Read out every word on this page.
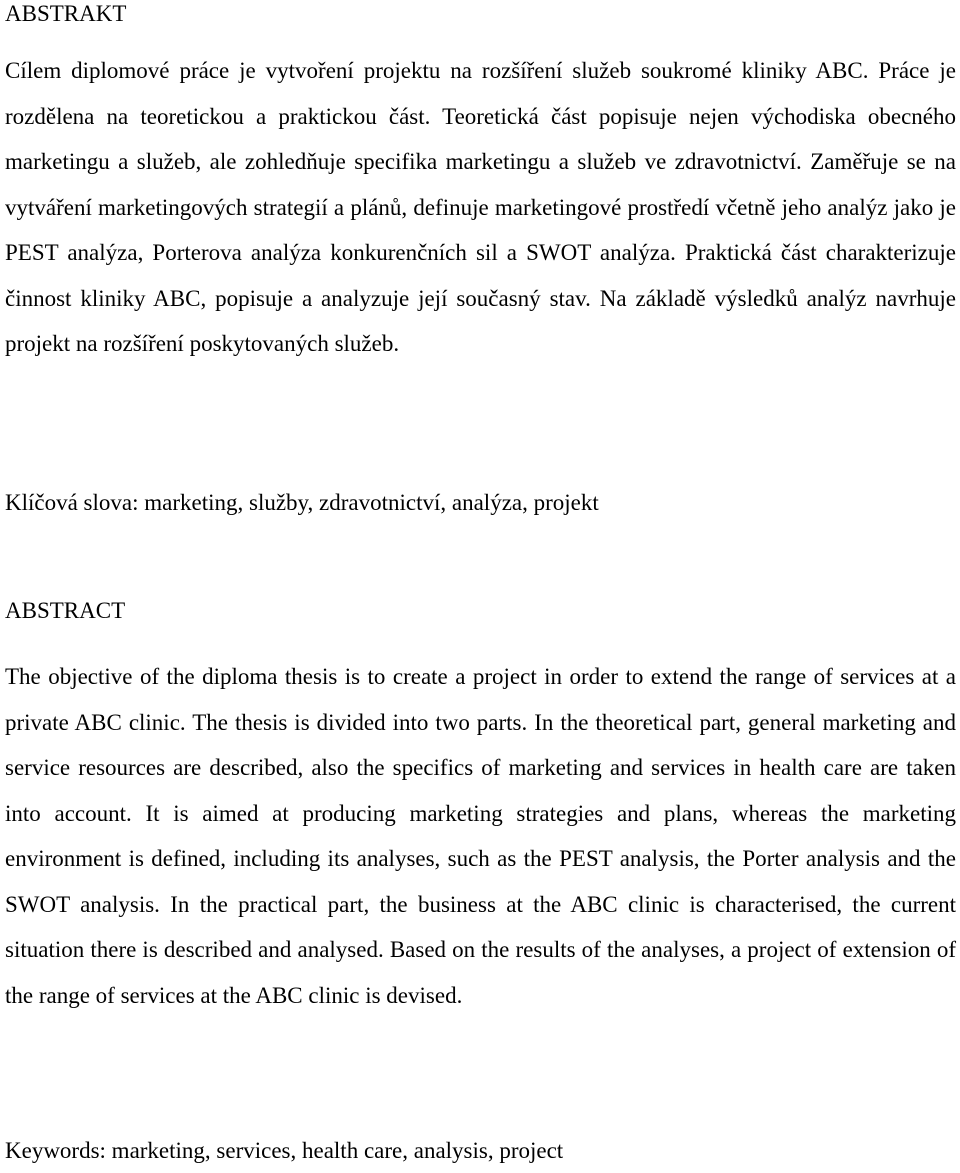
ABSTRAKT

Cílem diplomové práce je vytvoření projektu na rozšíření služeb soukromé kliniky ABC. Práce je rozdělena na teoretickou a praktickou část. Teoretická část popisuje nejen východiska obecného marketingu a služeb, ale zohledňuje specifika marketingu a služeb ve zdravotnictví. Zaměřuje se na vytváření marketingových strategií a plánů, definuje marketingové prostředí včetně jeho analýz jako je PEST analýza, Porterova analýza konkurenčních sil a SWOT analýza. Praktická část charakterizuje činnost kliniky ABC, popisuje a analyzuje její současný stav. Na základě výsledků analýz navrhuje projekt na rozšíření poskytovaných služeb.

Klíčová slova: marketing, služby, zdravotnictví, analýza, projekt

ABSTRACT

The objective of the diploma thesis is to create a project in order to extend the range of services at a private ABC clinic. The thesis is divided into two parts. In the theoretical part, general marketing and service resources are described, also the specifics of marketing and services in health care are taken into account. It is aimed at producing marketing strategies and plans, whereas the marketing environment is defined, including its analyses, such as the PEST analysis, the Porter analysis and the SWOT analysis. In the practical part, the business at the ABC clinic is characterised, the current situation there is described and analysed. Based on the results of the analyses, a project of extension of the range of services at the ABC clinic is devised.

Keywords: marketing, services, health care, analysis, project
